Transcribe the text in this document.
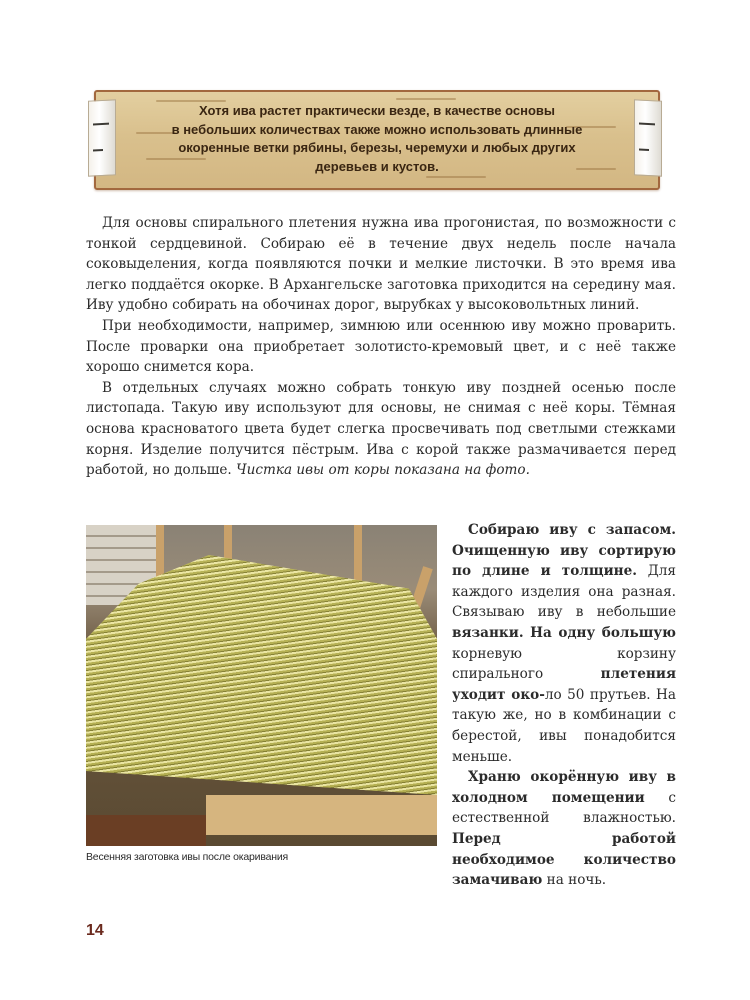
Хотя ива растет практически везде, в качестве основы
в небольших количествах также можно использовать длинные
окоренные ветки рябины, березы, черемухи и любых других
деревьев и кустов.

Для основы спирального плетения нужна ива прогонистая, по возможности с тонкой сердцевиной. Собираю её в течение двух недель после начала соковыделения, когда появляются почки и мелкие листочки. В это время ива легко поддаётся окорке. В Архангельске заготовка приходится на середину мая. Иву удобно собирать на обочинах дорог, вырубках у высоковольтных линий.

При необходимости, например, зимнюю или осеннюю иву можно проварить. После проварки она приобретает золотисто-кремовый цвет, и с неё также хорошо снимется кора.

В отдельных случаях можно собрать тонкую иву поздней осенью после листопада. Такую иву используют для основы, не снимая с неё коры. Тёмная основа красноватого цвета будет слегка просвечивать под светлыми стежками корня. Изделие получится пёстрым. Ива с корой также размачивается перед работой, но дольше. Чистка ивы от коры показана на фото.

Весенняя заготовка ивы после окаривания

Собираю иву с запасом. Очищенную иву сортирую по длине и толщине. Для каждого изделия она разная. Связываю иву в небольшие вязанки. На одну большую корневую корзину спирального	плетения уходит око-ло 50 прутьев. На такую же, но в комбинации с берестой, ивы понадобится меньше.

Храню окорённую иву в холодном помещении с естественной влажностью. Перед работой необходимое количество замачиваю на ночь.

14
